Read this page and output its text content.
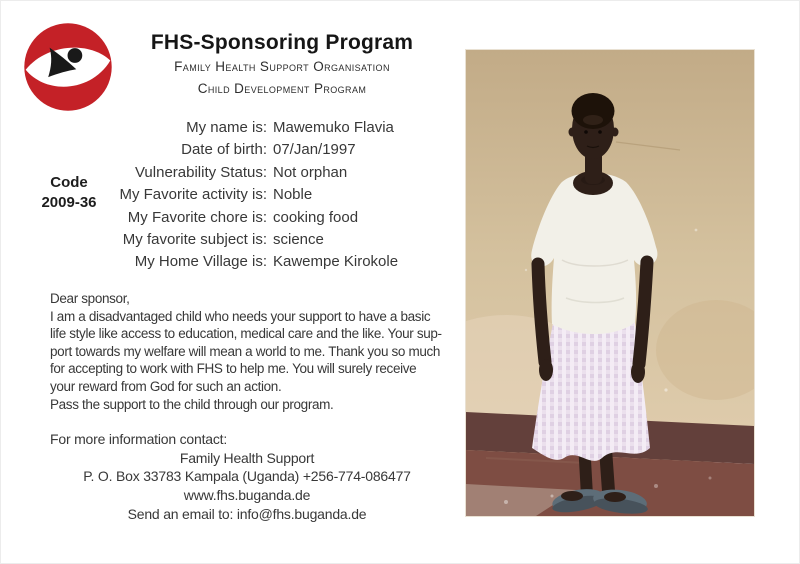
FHS-Sponsoring Program
Family Health Support Organisation
Child Development Program
Code
2009-36
My name is: Mawemuko Flavia
Date of birth: 07/Jan/1997
Vulnerability Status: Not orphan
My Favorite activity is: Noble
My Favorite chore is: cooking food
My favorite subject is: science
My Home Village is: Kawempe Kirokole
Dear sponsor,
I am a disadvantaged child who needs your support to have a basic
life style like access to education, medical care and the like. Your sup-
port towards my welfare will mean a world to me. Thank you so much
for accepting to work with FHS to help me. You will surely receive
your reward from God for such an action.
Pass the support to the child through our program.
For more information contact:
Family Health Support
P. O. Box 33783 Kampala (Uganda) +256-774-086477
www.fhs.buganda.de
Send an email to: info@fhs.buganda.de
